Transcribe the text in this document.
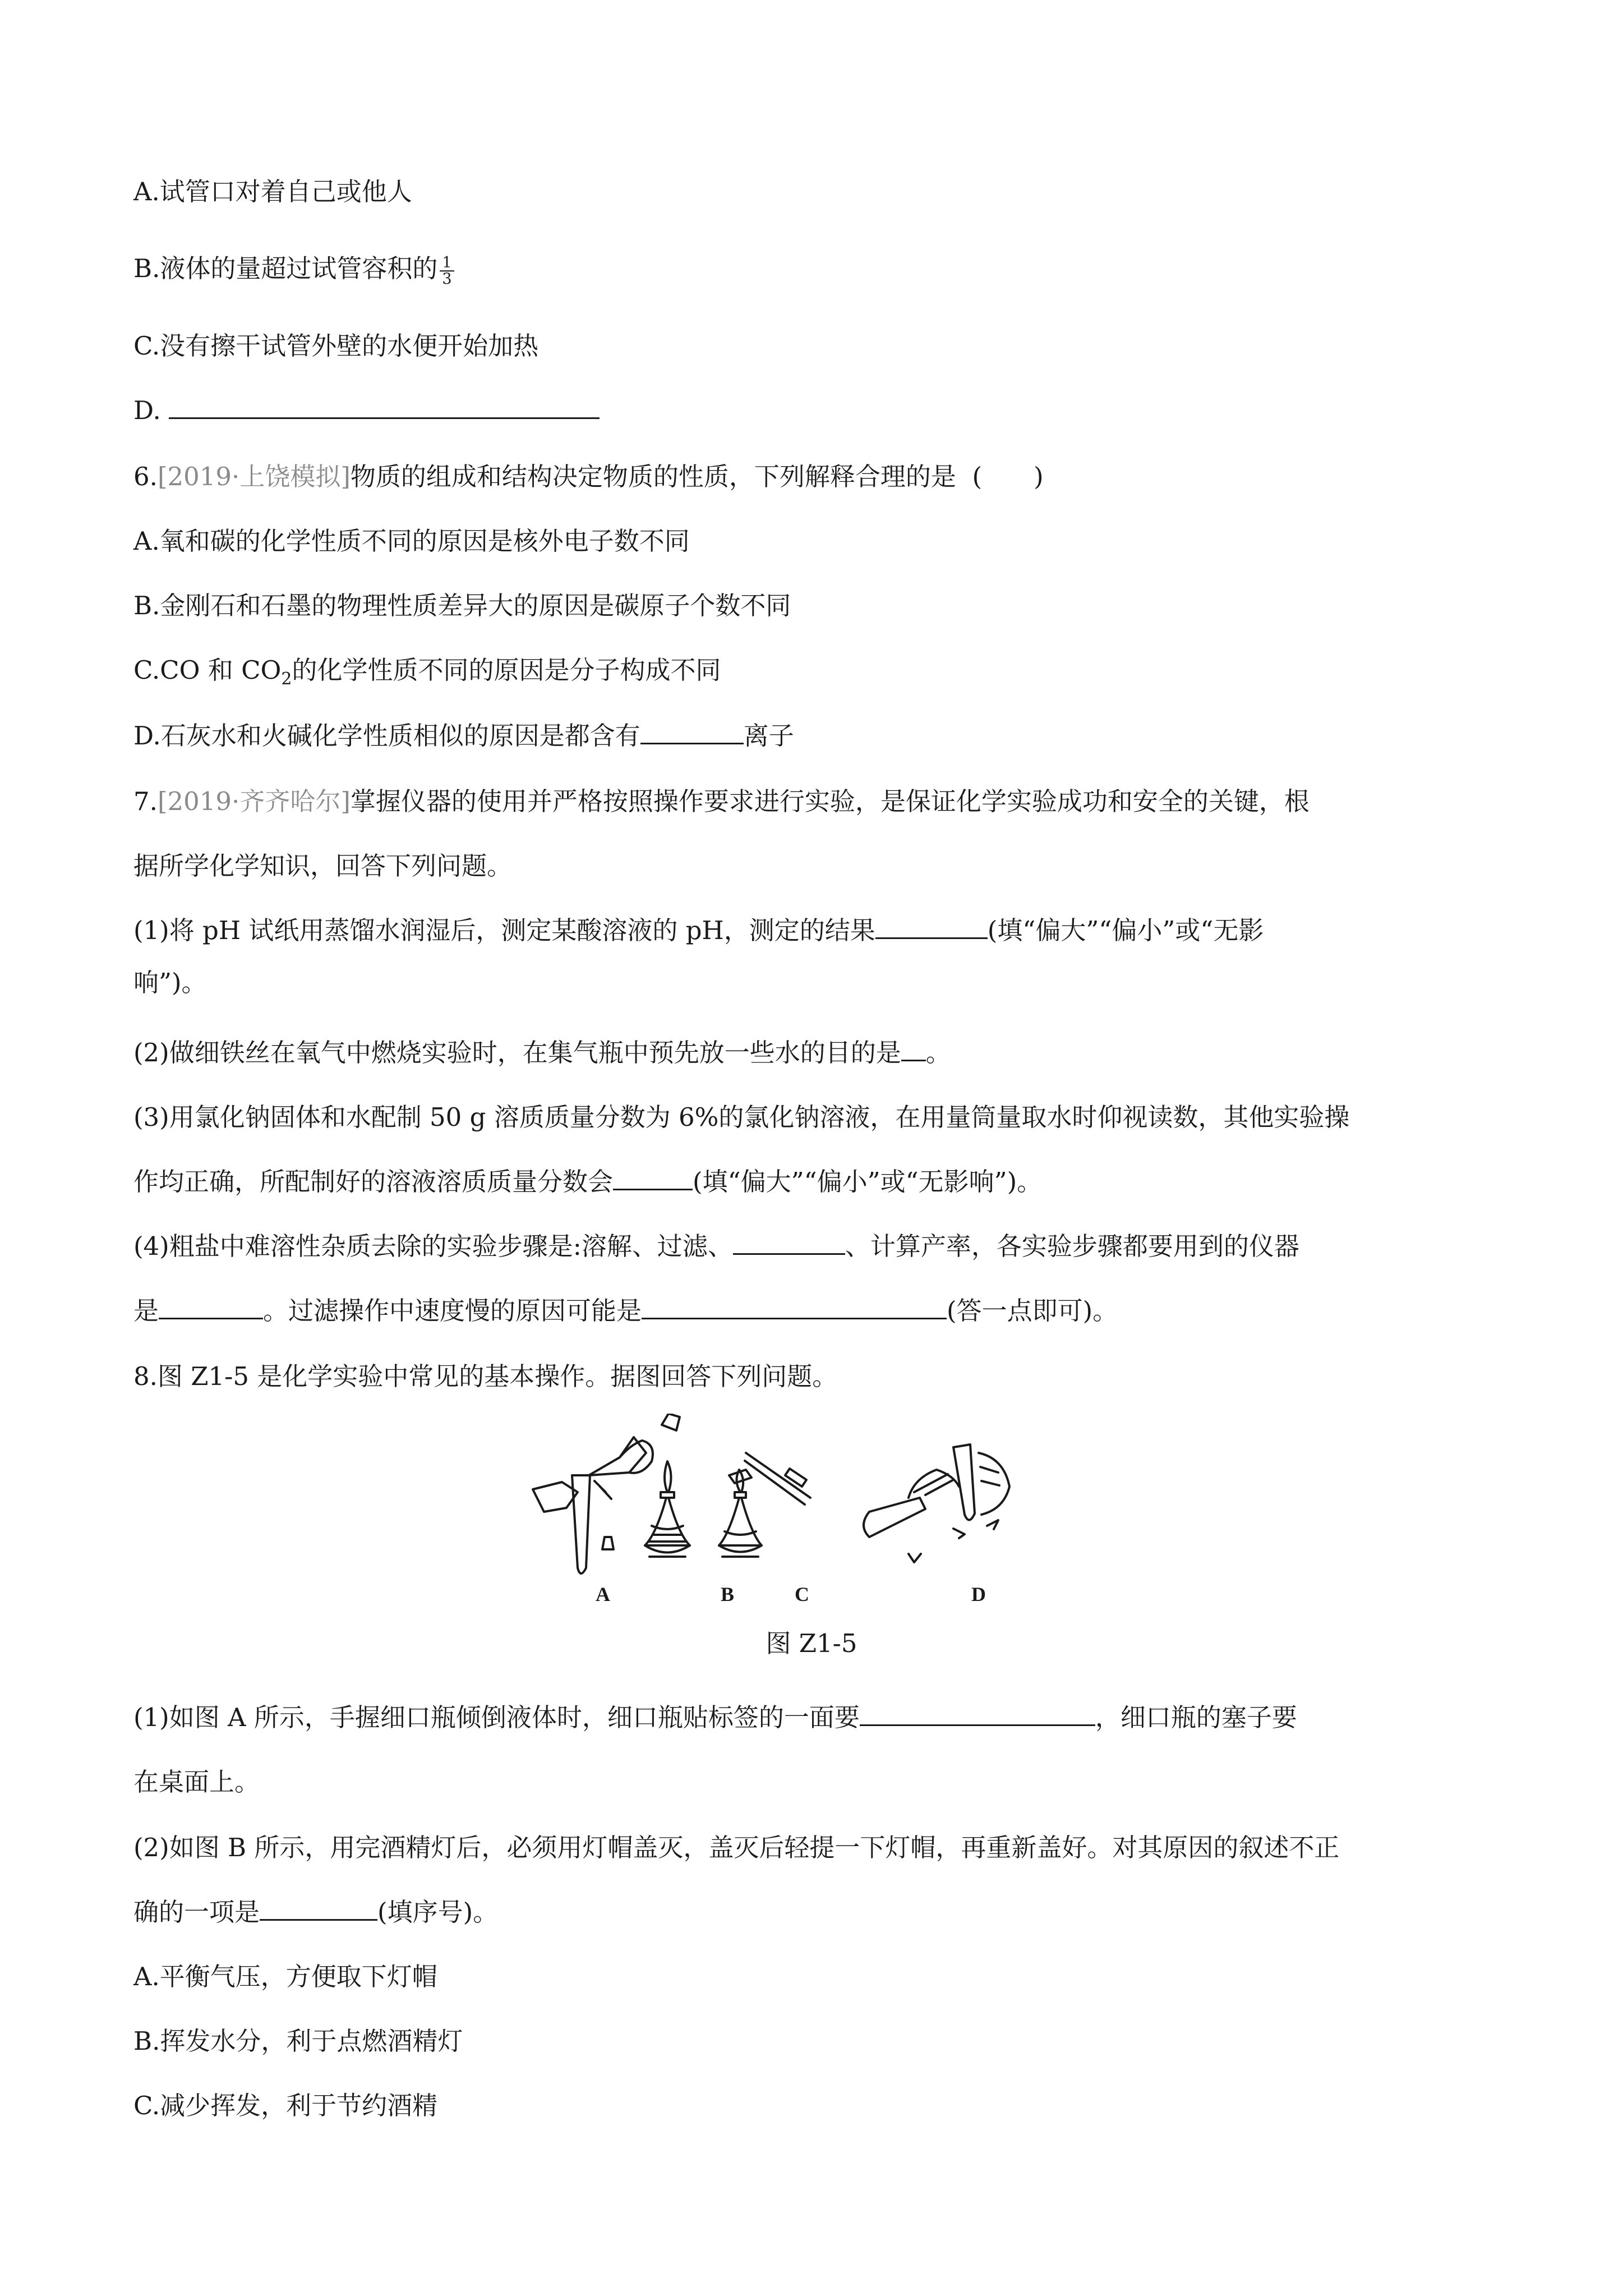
A.试管口对着自己或他人
B.液体的量超过试管容积的 $\frac{1}{3}$
C.没有擦干试管外壁的水便开始加热
D.
6.[2019·上饶模拟]物质的组成和结构决定物质的性质，下列解释合理的是 ( )
A.氧和碳的化学性质不同的原因是核外电子数不同
B.金刚石和石墨的物理性质差异大的原因是碳原子个数不同
C.CO 和 $CO_2$的化学性质不同的原因是分子构成不同
D.石灰水和火碱化学性质相似的原因是都含有	离子
7.[2019·齐齐哈尔]掌握仪器的使用并严格按照操作要求进行实验，是保证化学实验成功和安全的关键，根
据所学化学知识，回答下列问题。
(1)将 pH 试纸用蒸馏水润湿后，测定某酸溶液的 pH，测定的结果	(填“偏大”“偏小”或“无影
响”)。
(2)做细铁丝在氧气中燃烧实验时，在集气瓶中预先放一些水的目的是 。
(3)用氯化钠固体和水配制 50 g 溶质质量分数为 6%的氯化钠溶液，在用量筒量取水时仰视读数，其他实验操
作均正确，所配制好的溶液溶质质量分数会	(填“偏大”“偏小”或“无影响”)。
(4)粗盐中难溶性杂质去除的实验步骤是:溶解、过滤、	、计算产率，各实验步骤都要用到的仪器
是	。过滤操作中速度慢的原因可能是	(答一点即可)。
8.图 Z1-5 是化学实验中常见的基本操作。据图回答下列问题。
A	B	C	D
图 Z1-5
(1)如图 A 所示，手握细口瓶倾倒液体时，细口瓶贴标签的一面要	，细口瓶的塞子要
在桌面上。
(2)如图 B 所示，用完酒精灯后，必须用灯帽盖灭，盖灭后轻提一下灯帽，再重新盖好。对其原因的叙述不正
确的一项是	(填序号)。
A.平衡气压，方便取下灯帽
B.挥发水分，利于点燃酒精灯
C.减少挥发，利于节约酒精
